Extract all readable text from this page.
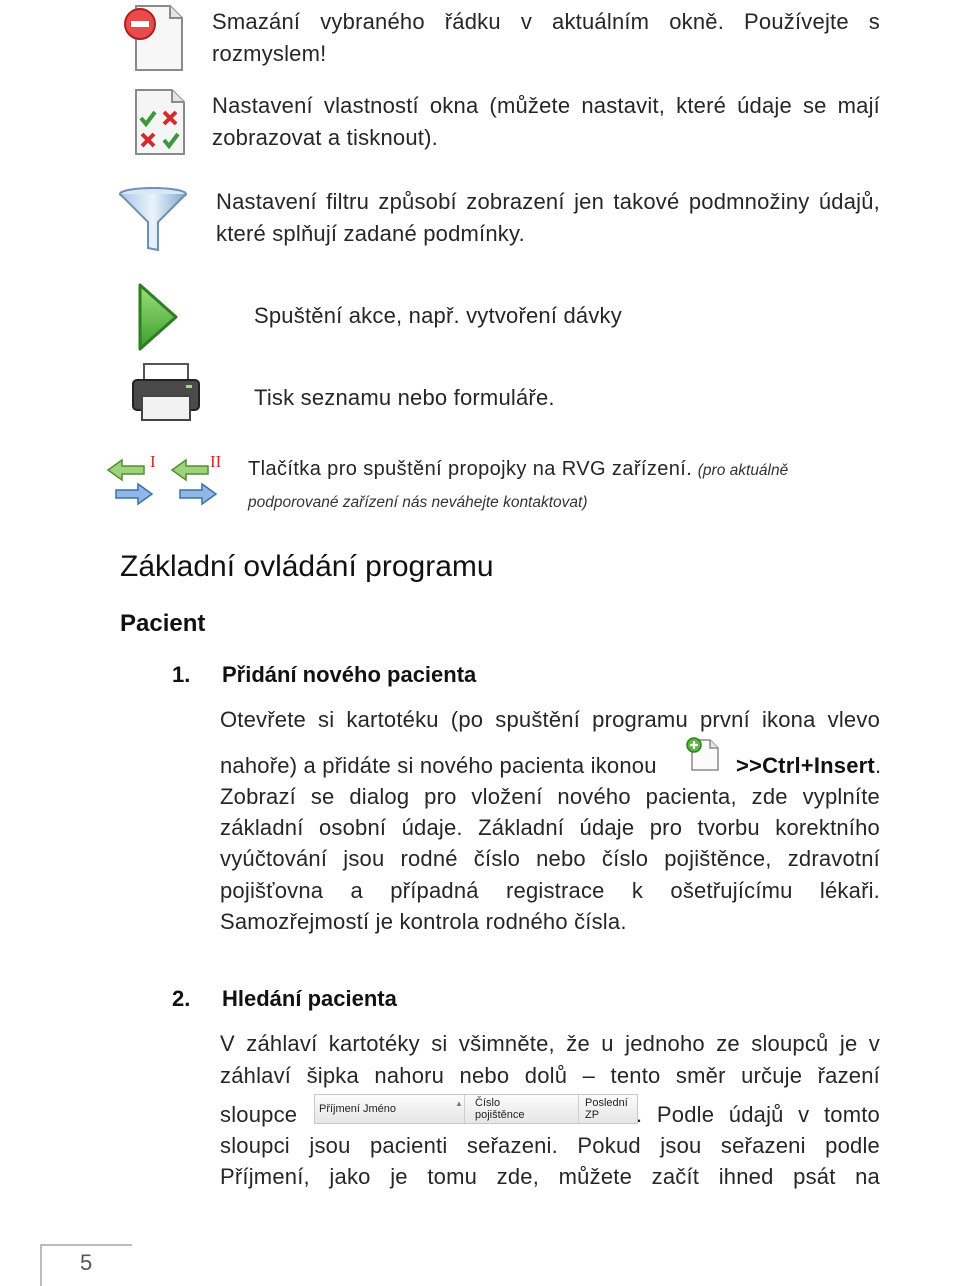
Smazání vybraného řádku v aktuálním okně. Používejte s rozmyslem!
Nastavení vlastností okna (můžete nastavit, které údaje se mají zobrazovat a tisknout).
Nastavení filtru způsobí zobrazení jen takové podmnožiny údajů, které splňují zadané podmínky.
Spuštění akce, např. vytvoření dávky
Tisk seznamu nebo formuláře.
I	II Tlačítka pro spuštění propojky na RVG zařízení. (pro aktuálně podporované zařízení nás neváhejte kontaktovat)
Základní ovládání programu
Pacient
1. Přidání nového pacienta
Otevřete si kartotéku (po spuštění programu první ikona vlevo
nahoře) a přidáte si nového pacienta ikonou	>>Ctrl+Insert.
Zobrazí se dialog pro vložení nového pacienta, zde vyplníte základní osobní údaje. Základní údaje pro tvorbu korektního vyúčtování jsou rodné číslo nebo číslo pojištěnce, zdravotní pojišťovna a případná registrace k ošetřujícímu lékaři. Samozřejmostí je kontrola rodného čísla.
2. Hledání pacienta
V záhlaví kartotéky si všimněte, že u jednoho ze sloupců je v záhlaví šipka nahoru nebo dolů – tento směr určuje řazení
sloupce	Příjmení Jméno	▲ Číslo
pojištěnce
Poslední
ZP	. Podle údajů v tomto
sloupci jsou pacienti seřazeni. Pokud jsou seřazeni podle Příjmení, jako je tomu zde, můžete začít ihned psát na
5
